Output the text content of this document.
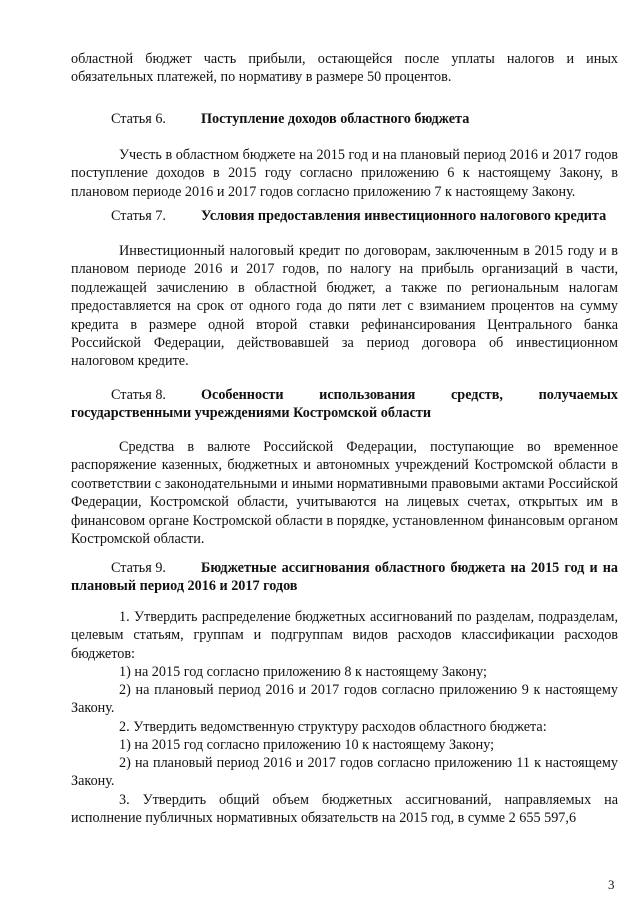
областной бюджет часть прибыли, остающейся после уплаты налогов и иных обязательных платежей, по нормативу в размере 50 процентов.

Статья 6. Поступление доходов областного бюджета

Учесть в областном бюджете на 2015 год и на плановый период 2016 и 2017 годов поступление доходов в 2015 году согласно приложению 6 к настоящему Закону, в плановом периоде 2016 и 2017 годов согласно приложению 7 к настоящему Закону.

Статья 7. Условия предоставления инвестиционного налогового кредита

Инвестиционный налоговый кредит по договорам, заключенным в 2015 году и в плановом периоде 2016 и 2017 годов, по налогу на прибыль организаций в части, подлежащей зачислению в областной бюджет, а также по региональным налогам предоставляется на срок от одного года до пяти лет с взиманием процентов на сумму кредита в размере одной второй ставки рефинансирования Центрального банка Российской Федерации, действовавшей за период договора об инвестиционном налоговом кредите.

Статья 8. Особенности использования средств, получаемых государственными учреждениями Костромской области

Средства в валюте Российской Федерации, поступающие во временное распоряжение казенных, бюджетных и автономных учреждений Костромской области в соответствии с законодательными и иными нормативными правовыми актами Российской Федерации, Костромской области, учитываются на лицевых счетах, открытых им в финансовом органе Костромской области в порядке, установленном финансовым органом Костромской области.

Статья 9. Бюджетные ассигнования областного бюджета на 2015 год и на плановый период 2016 и 2017 годов

1. Утвердить распределение бюджетных ассигнований по разделам, подразделам, целевым статьям, группам и подгруппам видов расходов классификации расходов бюджетов:

1) на 2015 год согласно приложению 8 к настоящему Закону;

2) на плановый период 2016 и 2017 годов согласно приложению 9 к настоящему Закону.

2. Утвердить ведомственную структуру расходов областного бюджета:

1) на 2015 год согласно приложению 10 к настоящему Закону;

2) на плановый период 2016 и 2017 годов согласно приложению 11 к настоящему Закону.

3. Утвердить общий объем бюджетных ассигнований, направляемых на исполнение публичных нормативных обязательств на 2015 год, в сумме 2 655 597,6

3
